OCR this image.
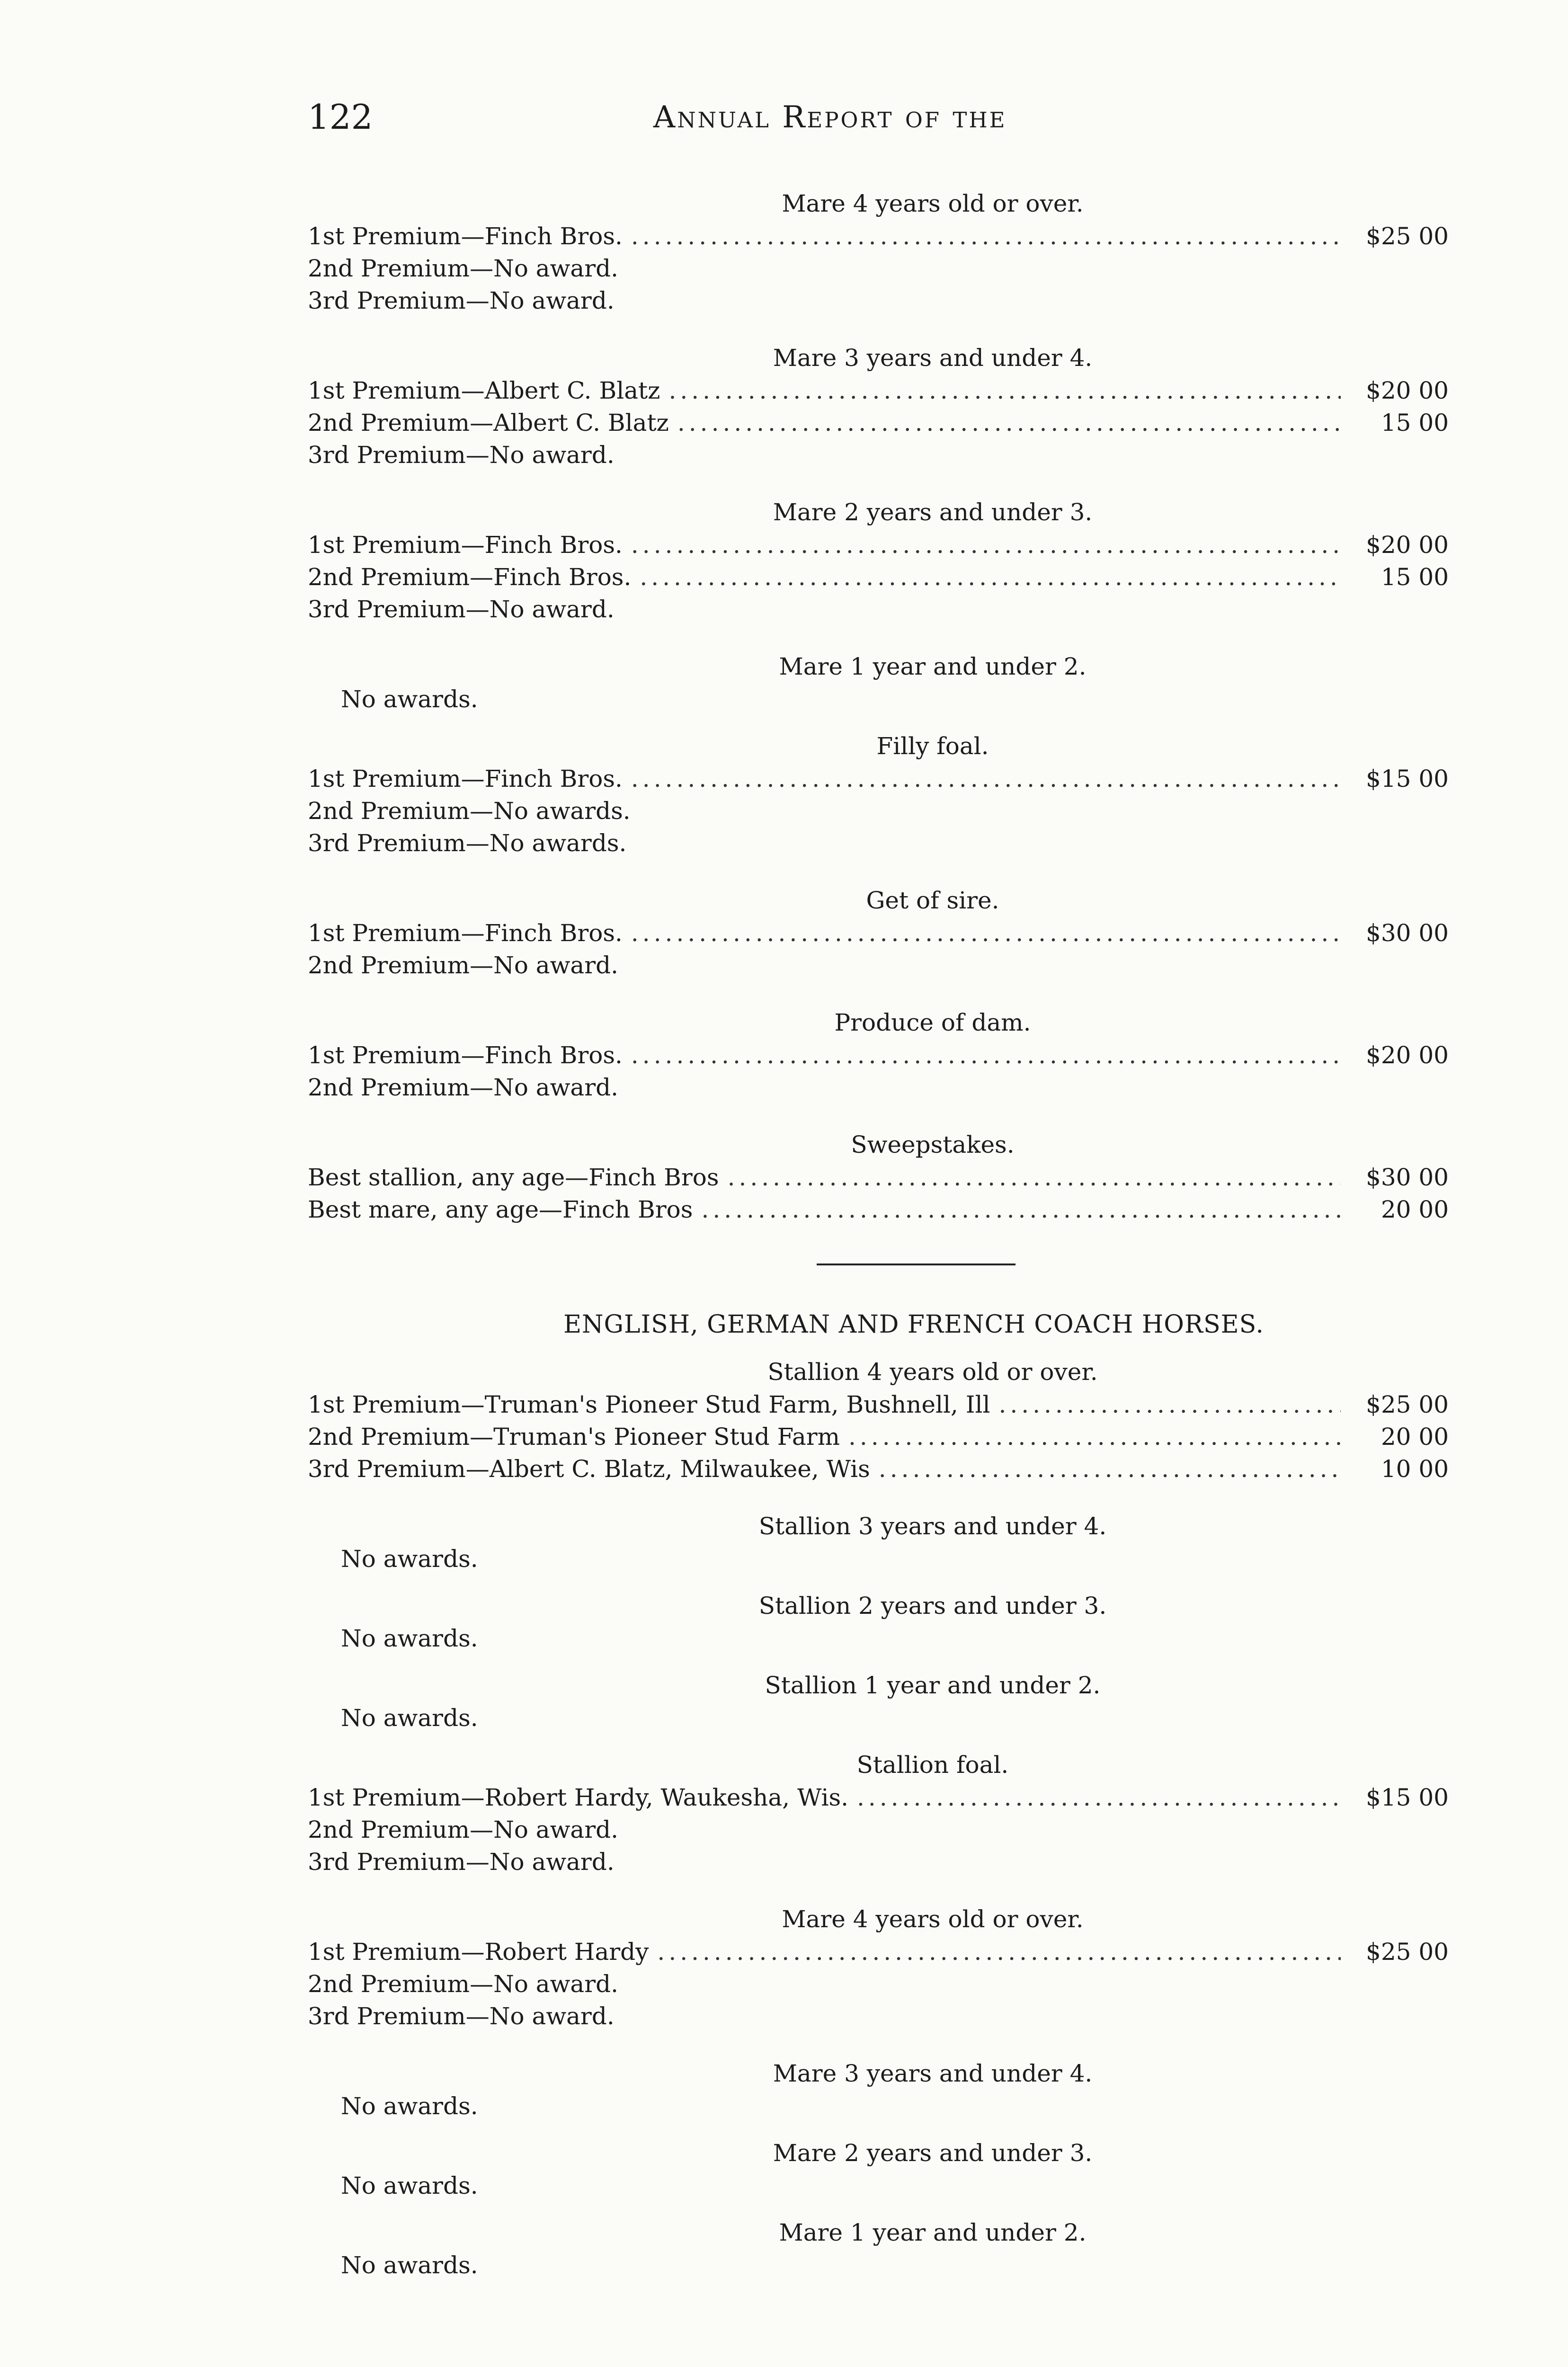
122	Annual Report of the
Mare 4 years old or over.
1st Premium—Finch Bros. .....	$25 00
2nd Premium—No award.
3rd Premium—No award.
Mare 3 years and under 4.
1st Premium—Albert C. Blatz .....	$20 00
2nd Premium—Albert C. Blatz .....	15 00
3rd Premium—No award.
Mare 2 years and under 3.
1st Premium—Finch Bros. .....	$20 00
2nd Premium—Finch Bros. .....	15 00
3rd Premium—No award.
Mare 1 year and under 2.
No awards.
Filly foal.
1st Premium—Finch Bros. .....	$15 00
2nd Premium—No awards.
3rd Premium—No awards.
Get of sire.
1st Premium—Finch Bros. .....	$30 00
2nd Premium—No award.
Produce of dam.
1st Premium—Finch Bros. .....	$20 00
2nd Premium—No award.
Sweepstakes.
Best stallion, any age—Finch Bros .....	$30 00
Best mare, any age—Finch Bros .....	20 00
ENGLISH, GERMAN AND FRENCH COACH HORSES.
Stallion 4 years old or over.
1st Premium—Truman's Pioneer Stud Farm, Bushnell, Ill .....	$25 00
2nd Premium—Truman's Pioneer Stud Farm .....	20 00
3rd Premium—Albert C. Blatz, Milwaukee, Wis .....	10 00
Stallion 3 years and under 4.
No awards.
Stallion 2 years and under 3.
No awards.
Stallion 1 year and under 2.
No awards.
Stallion foal.
1st Premium—Robert Hardy, Waukesha, Wis. .....	$15 00
2nd Premium—No award.
3rd Premium—No award.
Mare 4 years old or over.
1st Premium—Robert Hardy .....	$25 00
2nd Premium—No award.
3rd Premium—No award.
Mare 3 years and under 4.
No awards.
Mare 2 years and under 3.
No awards.
Mare 1 year and under 2.
No awards.
